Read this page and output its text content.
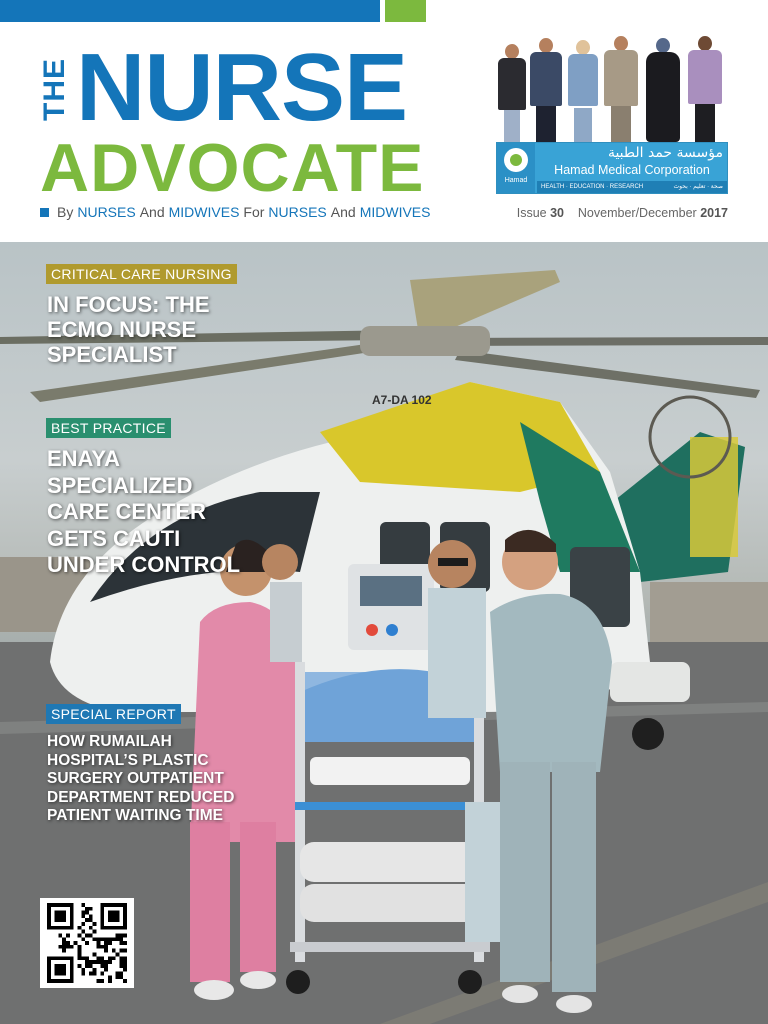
THE NURSE
ADVOCATE
By NURSES And MIDWIVES For NURSES And MIDWIVES	Issue 30 November/December 2017
Hamad
مؤسسة حمد الطبية
Hamad Medical Corporation
HEALTH · EDUCATION · RESEARCH	صحة · تعليم · بحوث
A7-DA 102
CRITICAL CARE NURSING
IN FOCUS: THE ECMO NURSE SPECIALIST
BEST PRACTICE
ENAYA SPECIALIZED CARE CENTER GETS CAUTI UNDER CONTROL
SPECIAL REPORT
HOW RUMAILAH HOSPITAL’S PLASTIC SURGERY OUTPATIENT DEPARTMENT REDUCED PATIENT WAITING TIME
